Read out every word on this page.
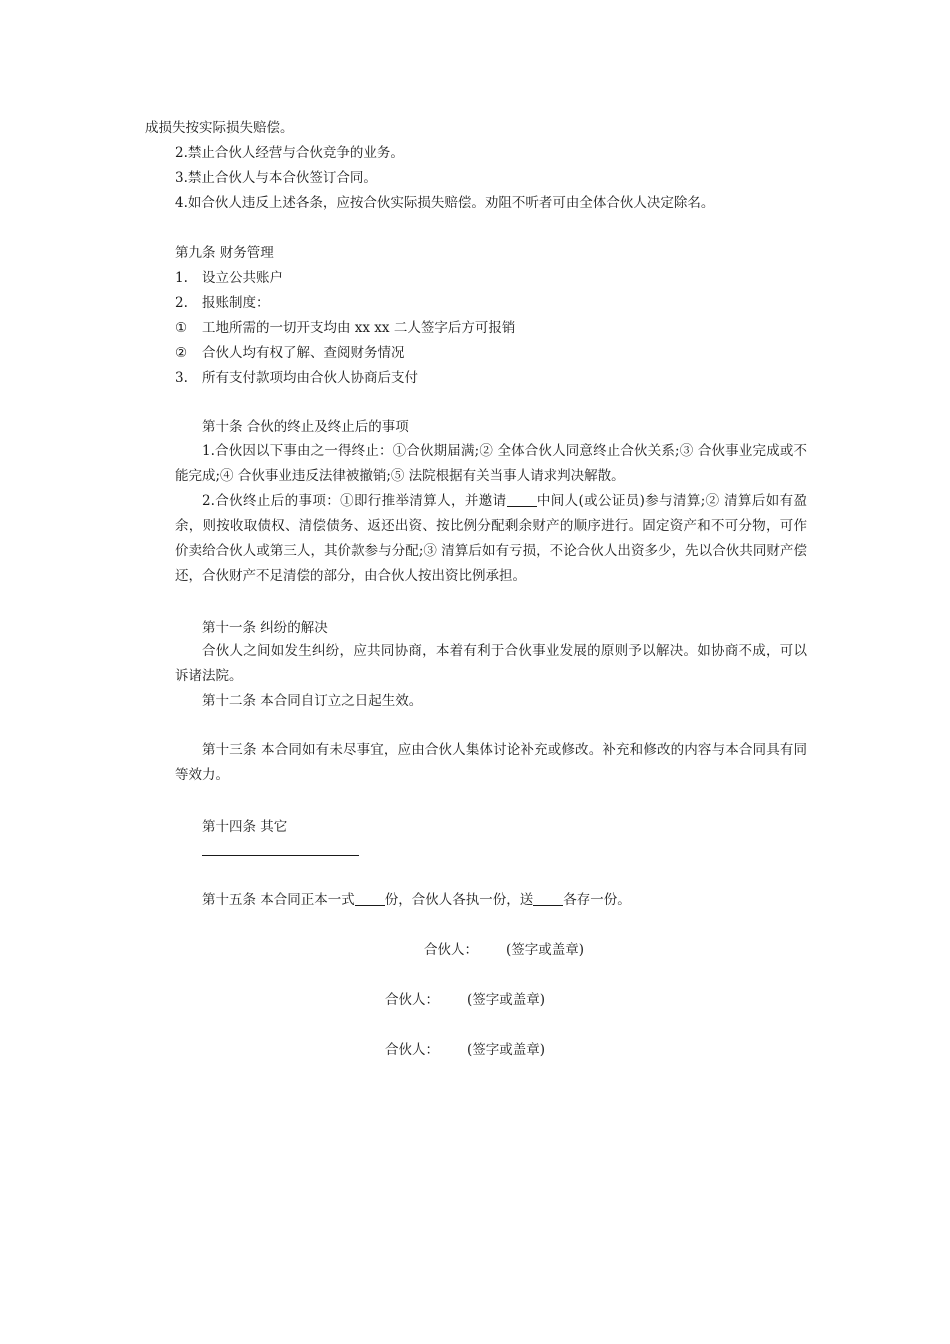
成损失按实际损失赔偿。
2.禁止合伙人经营与合伙竞争的业务。
3.禁止合伙人与本合伙签订合同。
4.如合伙人违反上述各条，应按合伙实际损失赔偿。劝阻不听者可由全体合伙人决定除名。
第九条 财务管理
1. 设立公共账户
2. 报账制度：
① 工地所需的一切开支均由 xx xx 二人签字后方可报销
② 合伙人均有权了解、查阅财务情况
3. 所有支付款项均由合伙人协商后支付
第十条 合伙的终止及终止后的事项
1.合伙因以下事由之一得终止：①合伙期届满;② 全体合伙人同意终止合伙关系;③ 合伙事业完成或不能完成;④ 合伙事业违反法律被撤销;⑤ 法院根据有关当事人请求判决解散。
2.合伙终止后的事项：①即行推举清算人，并邀请 中间人(或公证员)参与清算;② 清算后如有盈余，则按收取债权、清偿债务、返还出资、按比例分配剩余财产的顺序进行。固定资产和不可分物，可作价卖给合伙人或第三人，其价款参与分配;③ 清算后如有亏损，不论合伙人出资多少，先以合伙共同财产偿还，合伙财产不足清偿的部分，由合伙人按出资比例承担。
第十一条 纠纷的解决
合伙人之间如发生纠纷，应共同协商，本着有利于合伙事业发展的原则予以解决。如协商不成，可以诉诸法院。
第十二条 本合同自订立之日起生效。
第十三条 本合同如有未尽事宜，应由合伙人集体讨论补充或修改。补充和修改的内容与本合同具有同等效力。
第十四条 其它
第十五条 本合同正本一式 份，合伙人各执一份，送 各存一份。
合伙人： (签字或盖章)
合伙人： (签字或盖章)
合伙人： (签字或盖章)
